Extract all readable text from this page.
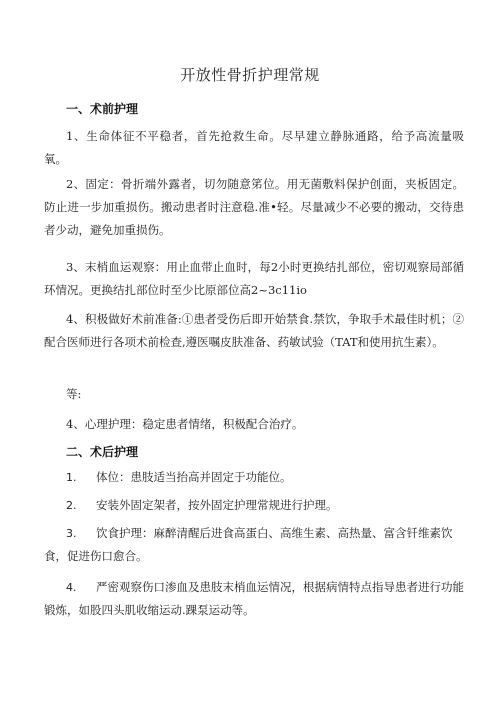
开放性骨折护理常规
一、术前护理
1、生命体征不平稳者，首先抢救生命。尽早建立静脉通路，给予高流量吸氧。
2、固定：骨折端外露者，切勿随意笫位。用无菌敷料保护创面，夹板固定。防止进一步加重损伤。搬动患者时注意稳.准•轻。尽量减少不必要的搬动，交待患者少动，避免加重损伤。
3、末梢血运观察：用止血带止血时，每2小时更换结扎部位，密切观察局部循环情况。更换结扎部位时至少比原部位高2~3c11io
4、积极做好术前准备:①患者受伤后即开始禁食.禁饮，争取手术最佳时机；②配合医师进行各项术前检查,遵医嘱皮肤准备、药敏试验（TAT和使用抗生素）。
等:
4、心理护理：稳定患者情绪，积极配合治疗。
二、术后护理
1. 体位：患肢适当抬高并固定于功能位。
2. 安装外固定架者，按外固定护理常规进行护理。
3. 饮食护理：麻醉清醒后进食高蛋白、高维生素、高热量、富含钎维素饮食，促进伤口愈合。
4. 严密观察伤口渗血及患肢末梢血运情况，根据病情特点指导患者进行功能锻炼，如股四头肌收缩运动.踝泵运动等。
